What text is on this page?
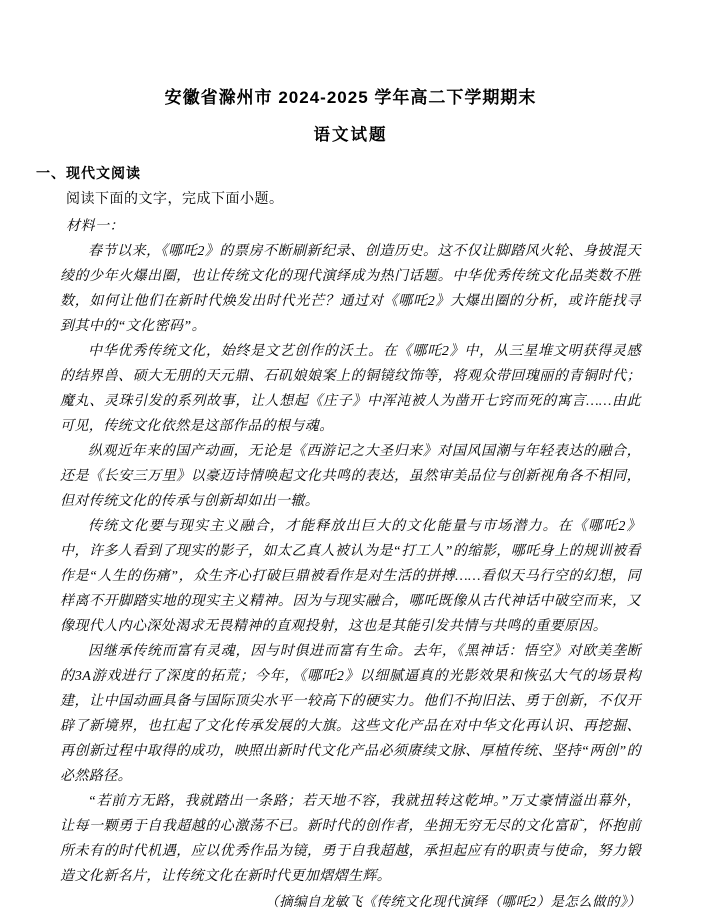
安徽省滁州市 2024-2025 学年高二下学期期末
语文试题
一、现代文阅读
阅读下面的文字，完成下面小题。
材料一：

春节以来，《哪吒2》的票房不断刷新纪录、创造历史。这不仅让脚踏风火轮、身披混天绫的少年火爆出圈，也让传统文化的现代演绎成为热门话题。中华优秀传统文化品类数不胜数，如何让他们在新时代焕发出时代光芒？通过对《哪吒2》大爆出圈的分析，或许能找寻到其中的“文化密码”。

中华优秀传统文化，始终是文艺创作的沃土。在《哪吒2》中，从三星堆文明获得灵感的结界兽、硕大无朋的天元鼎、石矶娘娘案上的铜镜纹饰等，将观众带回瑰丽的青铜时代；魔丸、灵珠引发的系列故事，让人想起《庄子》中浑沌被人为凿开七窍而死的寓言……由此可见，传统文化依然是这部作品的根与魂。

纵观近年来的国产动画，无论是《西游记之大圣归来》对国风国潮与年轻表达的融合，还是《长安三万里》以豪迈诗情唤起文化共鸣的表达，虽然审美品位与创新视角各不相同，但对传统文化的传承与创新却如出一辙。

传统文化要与现实主义融合，才能释放出巨大的文化能量与市场潜力。在《哪吒2》中，许多人看到了现实的影子，如太乙真人被认为是“打工人”的缩影，哪吒身上的规训被看作是“人生的伤痛”，众生齐心打破巨鼎被看作是对生活的拼搏……看似天马行空的幻想，同样离不开脚踏实地的现实主义精神。因为与现实融合，哪吒既像从古代神话中破空而来，又像现代人内心深处渴求无畏精神的直观投射，这也是其能引发共情与共鸣的重要原因。

因继承传统而富有灵魂，因与时俱进而富有生命。去年，《黑神话：悟空》对欧美垄断的3A游戏进行了深度的拓荒；今年，《哪吒2》以细腻逼真的光影效果和恢弘大气的场景构建，让中国动画具备与国际顶尖水平一较高下的硬实力。他们不拘旧法、勇于创新，不仅开辟了新境界，也扛起了文化传承发展的大旗。这些文化产品在对中华文化再认识、再挖掘、再创新过程中取得的成功，映照出新时代文化产品必须赓续文脉、厚植传统、坚持“两创”的必然路径。

“若前方无路，我就踏出一条路；若天地不容，我就扭转这乾坤。”万丈豪情溢出幕外，让每一颗勇于自我超越的心激荡不已。新时代的创作者，坐拥无穷无尽的文化富矿，怀抱前所未有的时代机遇，应以优秀作品为镜，勇于自我超越，承担起应有的职责与使命，努力锻造文化新名片，让传统文化在新时代更加熠熠生辉。

（摘编自龙敏飞《传统文化现代演绎（哪吒2）是怎么做的》）
